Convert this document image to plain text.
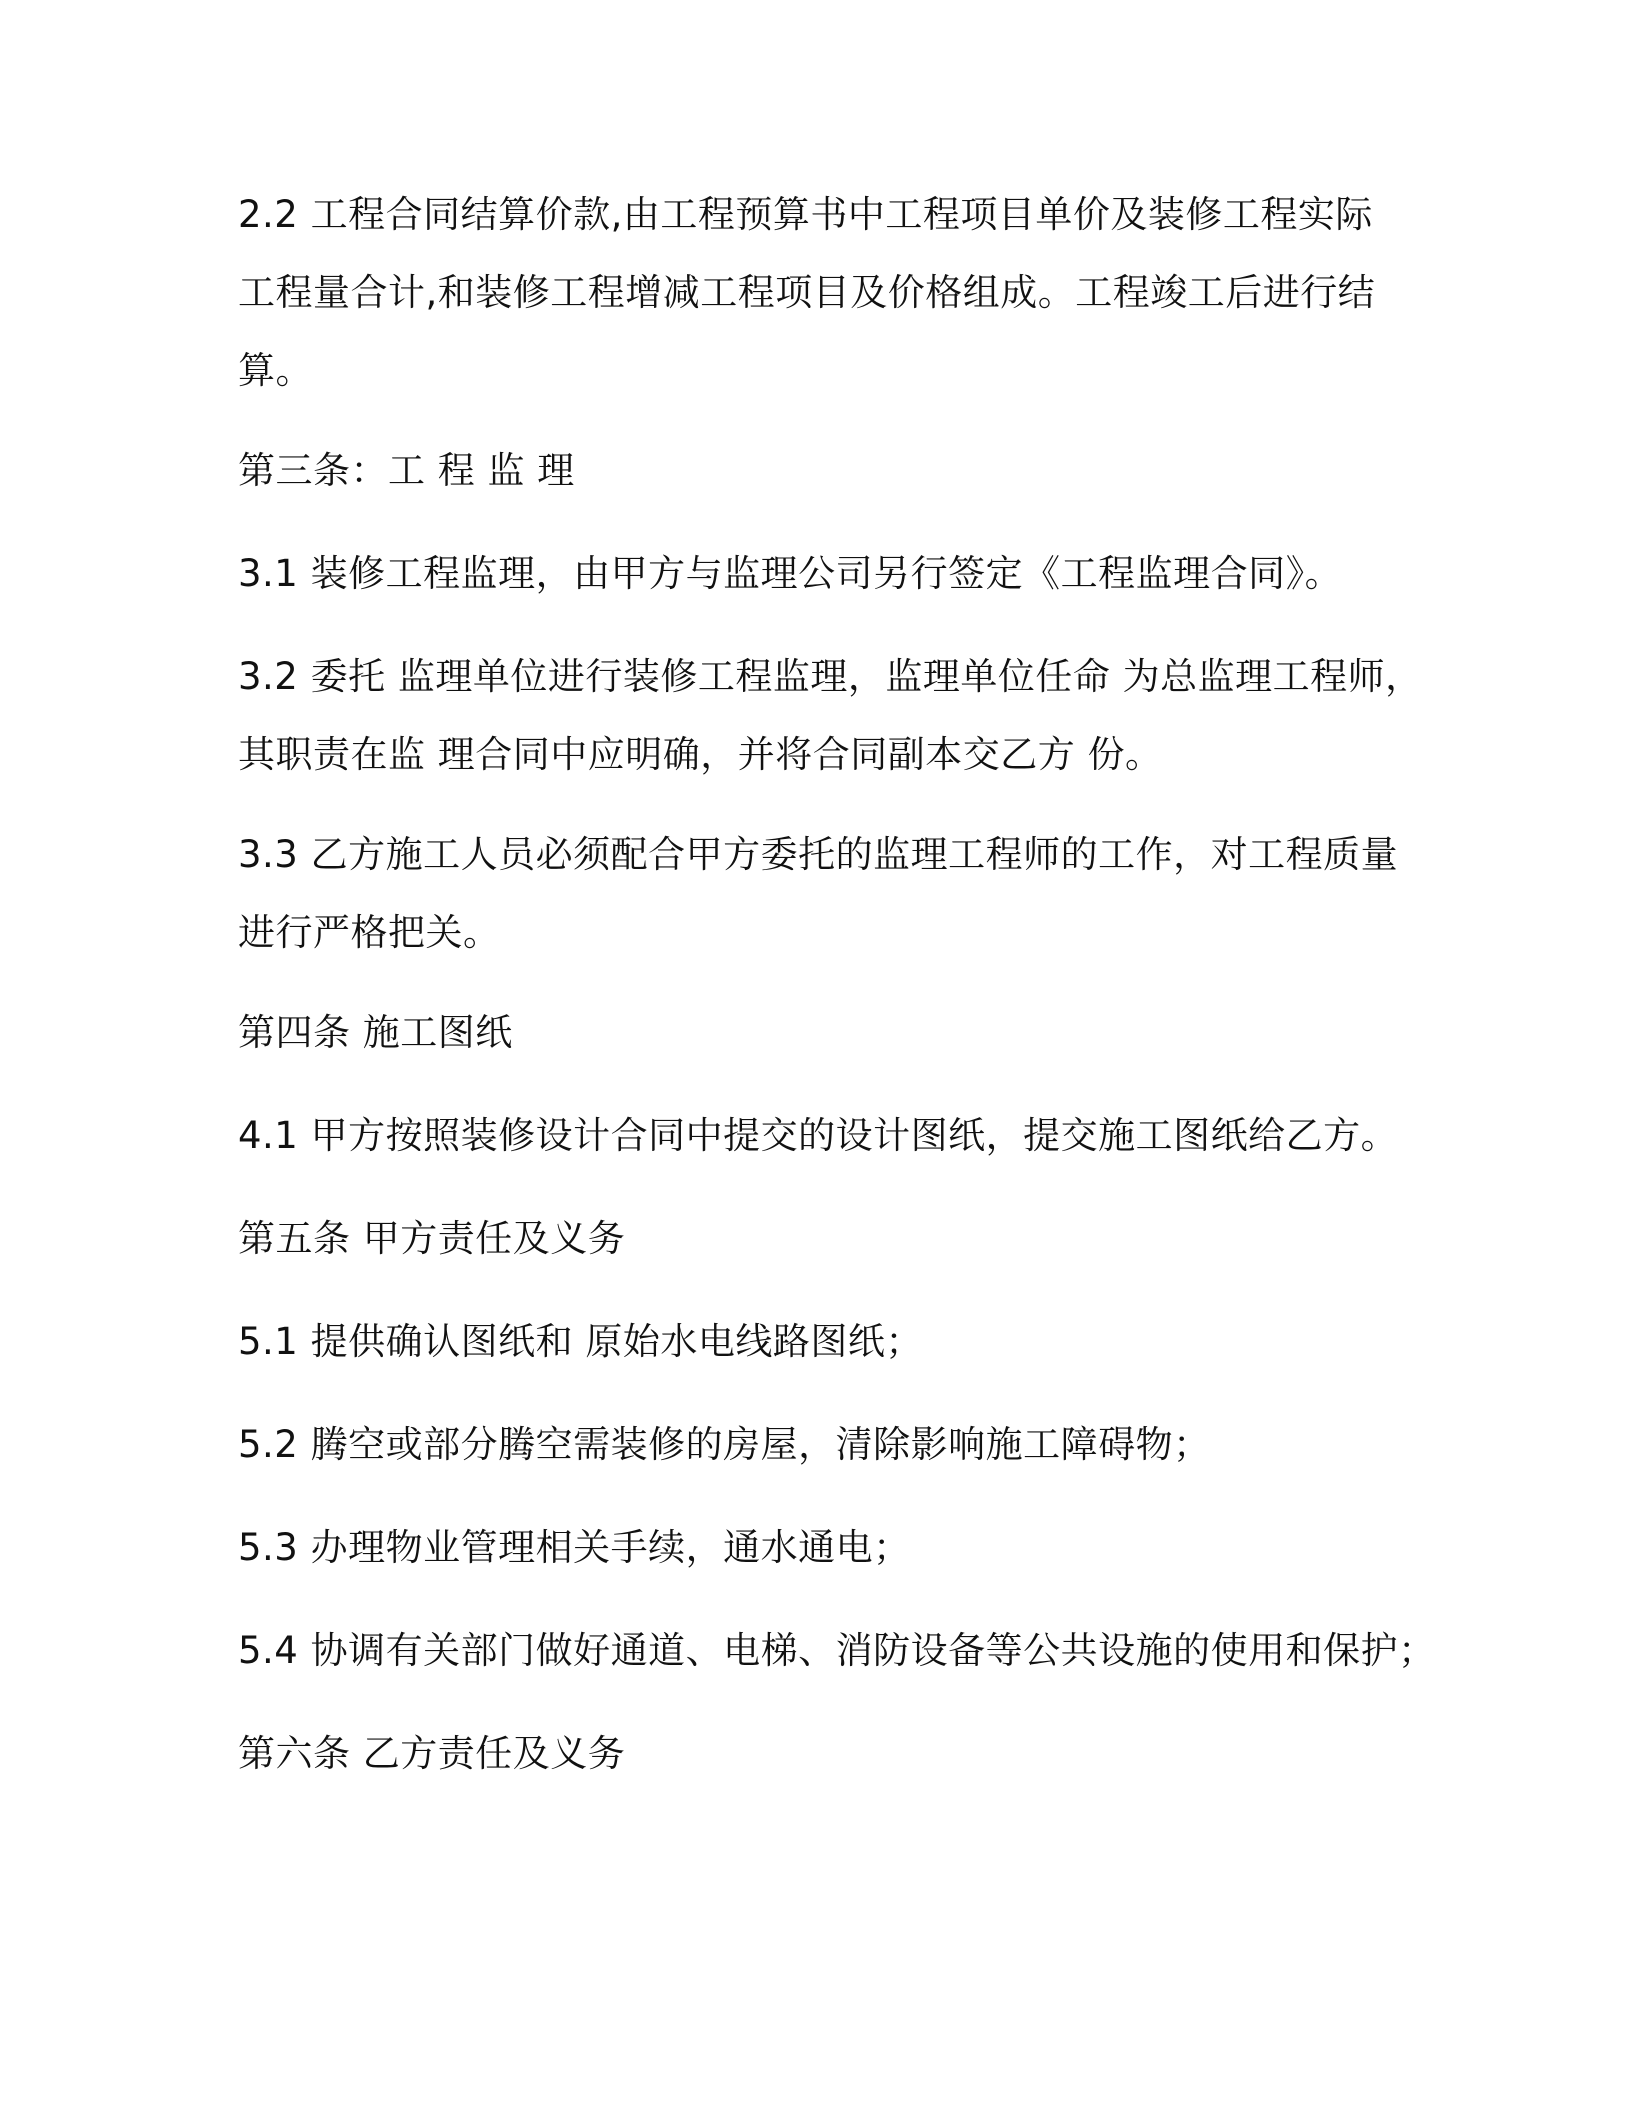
2.2 工程合同结算价款,由工程预算书中工程项目单价及装修工程实际

工程量合计,和装修工程增减工程项目及价格组成。工程竣工后进行结

算。

第三条：工 程 监 理

3.1 装修工程监理，由甲方与监理公司另行签定《工程监理合同》。

3.2 委托 监理单位进行装修工程监理，监理单位任命 为总监理工程师，

其职责在监 理合同中应明确，并将合同副本交乙方 份。

3.3 乙方施工人员必须配合甲方委托的监理工程师的工作，对工程质量

进行严格把关。

第四条 施工图纸

4.1 甲方按照装修设计合同中提交的设计图纸，提交施工图纸给乙方。

第五条 甲方责任及义务

5.1 提供确认图纸和 原始水电线路图纸；

5.2 腾空或部分腾空需装修的房屋，清除影响施工障碍物；

5.3 办理物业管理相关手续，通水通电；

5.4 协调有关部门做好通道、电梯、消防设备等公共设施的使用和保护；

第六条 乙方责任及义务
